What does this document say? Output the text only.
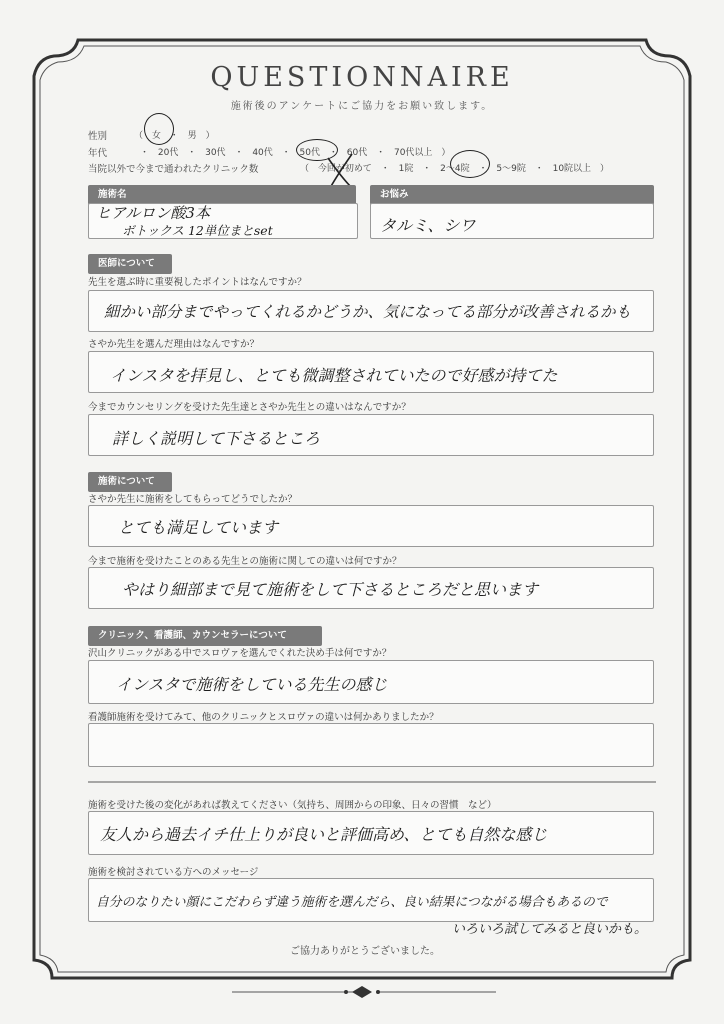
QUESTIONNAIRE
施術後のアンケートにご協力をお願い致します。
性別	（ 女 ・ 男 ）
年代	・ 20代 ・ 30代 ・ 40代 ・ 50代 ・ 60代 ・ 70代以上 ）
当院以外で今まで通われたクリニック数	（ 今回が初めて ・ 1院 ・ 2〜4院 ・ 5〜9院 ・ 10院以上 ）
施術名	お悩み
ヒアルロン酸3本
ボトックス 12単位まとset	タルミ、シワ
医師について
先生を選ぶ時に重要視したポイントはなんですか？
細かい部分までやってくれるかどうか、気になってる部分が改善されるかも
さやか先生を選んだ理由はなんですか？
インスタを拝見し、とても微調整されていたので好感が持てた
今までカウンセリングを受けた先生達とさやか先生との違いはなんですか？
詳しく説明して下さるところ
施術について
さやか先生に施術をしてもらってどうでしたか？
とても満足しています
今まで施術を受けたことのある先生との施術に関しての違いは何ですか？
やはり細部まで見て施術をして下さるところだと思います
クリニック、看護師、カウンセラーについて
沢山クリニックがある中でスロヴァを選んでくれた決め手は何ですか？
インスタで施術をしている先生の感じ
看護師施術を受けてみて、他のクリニックとスロヴァの違いは何かありましたか？
施術を受けた後の変化があれば教えてください（気持ち、周囲からの印象、日々の習慣　など）
友人から過去イチ仕上りが良いと評価高め、とても自然な感じ
施術を検討されている方へのメッセージ
自分のなりたい顔にこだわらず違う施術を選んだら、良い結果につながる場合もあるので
いろいろ試してみると良いかも。
ご協力ありがとうございました。
